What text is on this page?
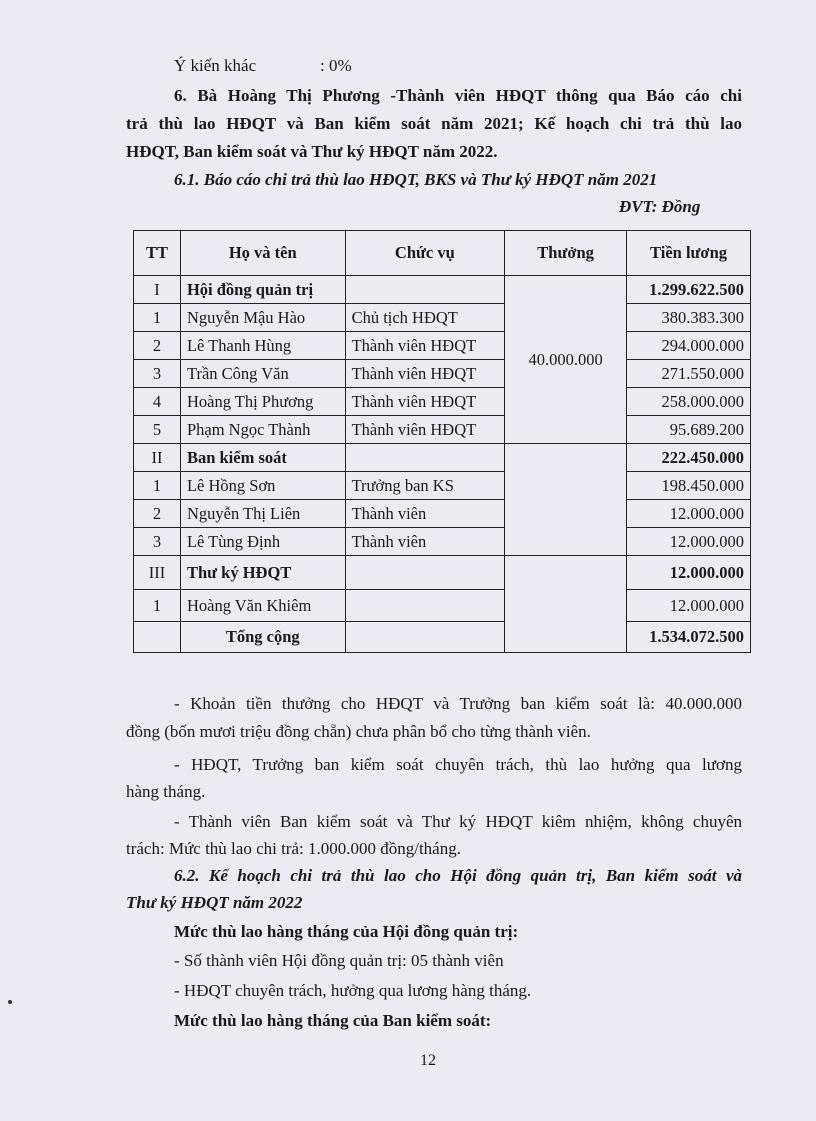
Ý kiến khác	: 0%
6. Bà Hoàng Thị Phương -Thành viên HĐQT thông qua Báo cáo chi
trả thù lao HĐQT và Ban kiểm soát năm 2021; Kế hoạch chi trả thù lao
HĐQT, Ban kiểm soát và Thư ký HĐQT năm 2022.
6.1. Báo cáo chi trả thù lao HĐQT, BKS và Thư ký HĐQT năm 2021
ĐVT: Đồng
TT	Họ và tên	Chức vụ	Thưởng	Tiền lương
I	Hội đồng quản trị		40.000.000	1.299.622.500
1	Nguyễn Mậu Hào	Chủ tịch HĐQT		380.383.300
2	Lê Thanh Hùng	Thành viên HĐQT		294.000.000
3	Trần Công Văn	Thành viên HĐQT		271.550.000
4	Hoàng Thị Phương	Thành viên HĐQT		258.000.000
5	Phạm Ngọc Thành	Thành viên HĐQT		95.689.200
II	Ban kiểm soát			222.450.000
1	Lê Hồng Sơn	Trưởng ban KS		198.450.000
2	Nguyễn Thị Liên	Thành viên		12.000.000
3	Lê Tùng Định	Thành viên		12.000.000
III	Thư ký HĐQT			12.000.000
1	Hoàng Văn Khiêm			12.000.000
	Tổng cộng			1.534.072.500
- Khoản tiền thưởng cho HĐQT và Trưởng ban kiểm soát là: 40.000.000
đồng (bốn mươi triệu đồng chẵn) chưa phân bổ cho từng thành viên.
- HĐQT, Trưởng ban kiểm soát chuyên trách, thù lao hưởng qua lương
hàng tháng.
- Thành viên Ban kiểm soát và Thư ký HĐQT kiêm nhiệm, không chuyên
trách: Mức thù lao chi trả: 1.000.000 đồng/tháng.
6.2. Kế hoạch chi trả thù lao cho Hội đồng quản trị, Ban kiểm soát và
Thư ký HĐQT năm 2022
Mức thù lao hàng tháng của Hội đồng quản trị:
- Số thành viên Hội đồng quản trị: 05 thành viên
- HĐQT chuyên trách, hưởng qua lương hàng tháng.
Mức thù lao hàng tháng của Ban kiểm soát:
12
